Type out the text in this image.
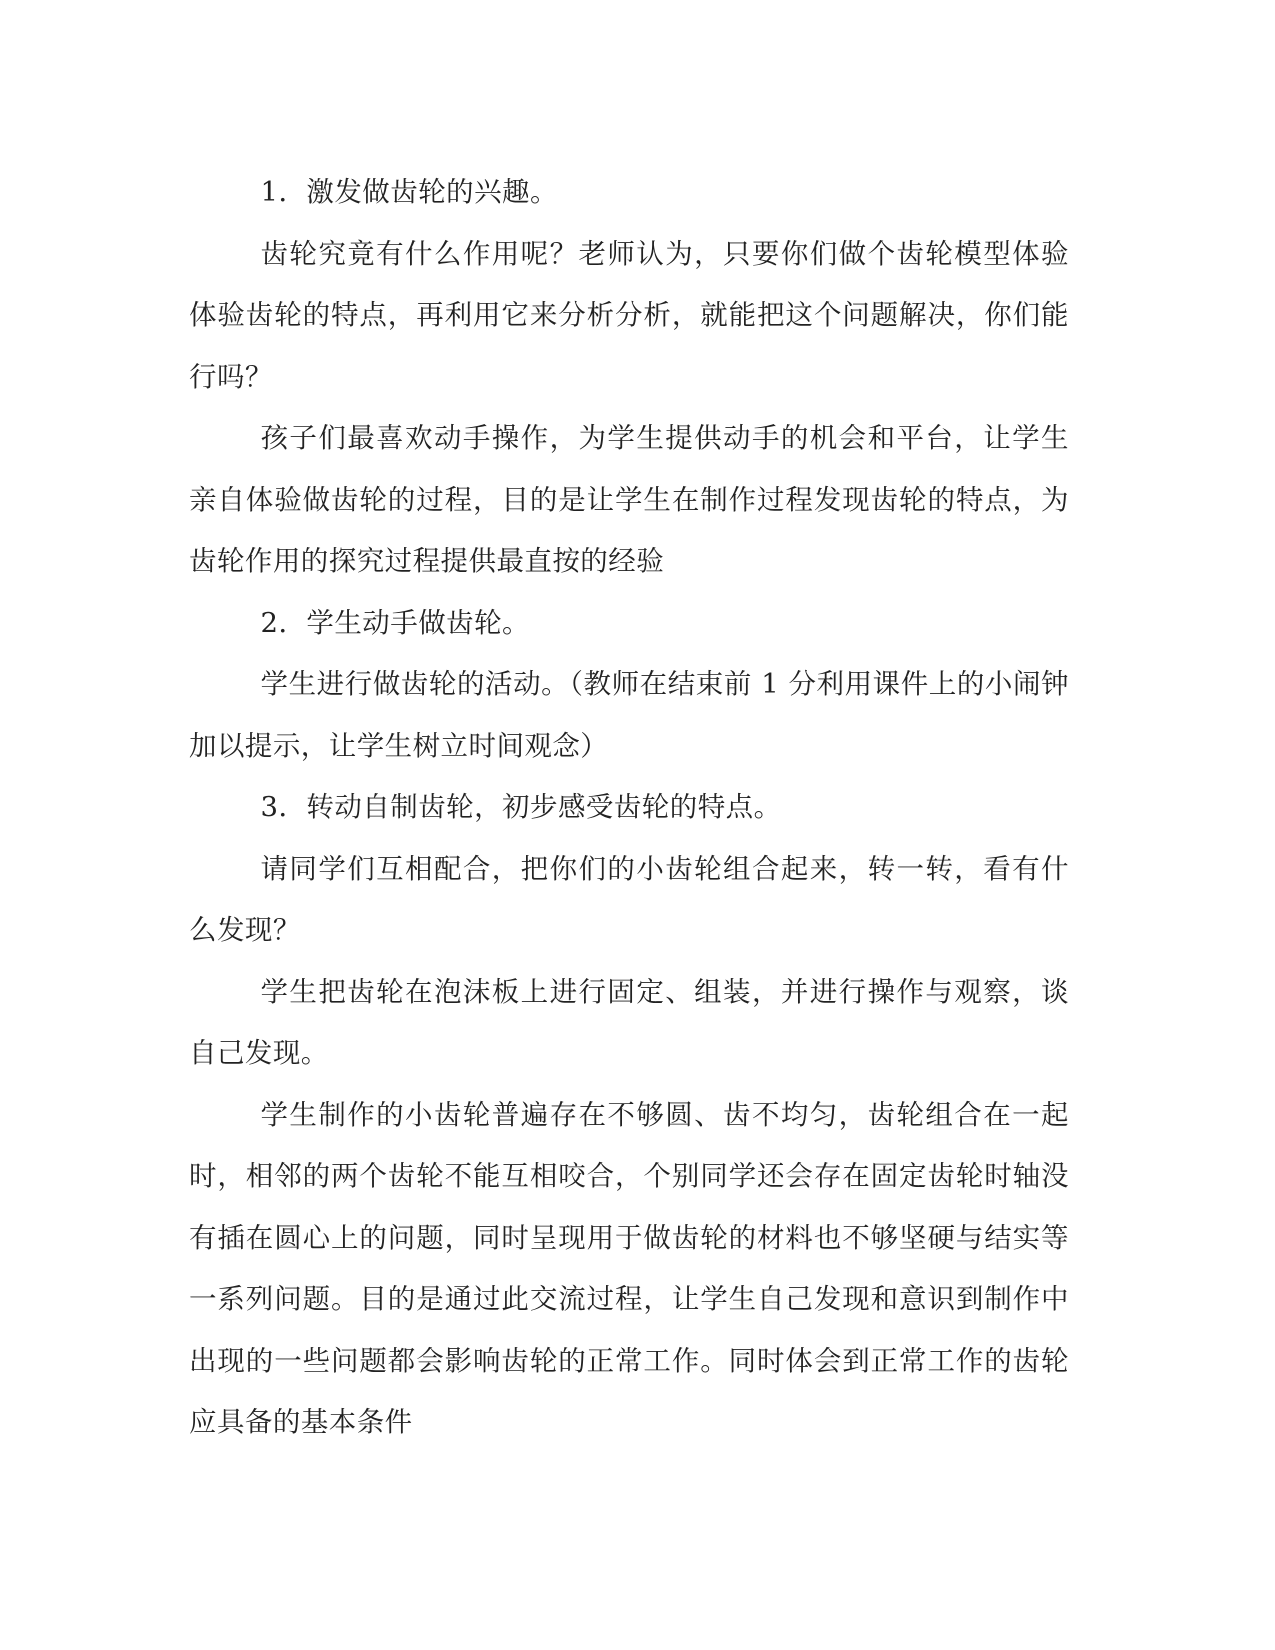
1．激发做齿轮的兴趣。

齿轮究竟有什么作用呢？老师认为，只要你们做个齿轮模型体验体验齿轮的特点，再利用它来分析分析，就能把这个问题解决，你们能行吗？

孩子们最喜欢动手操作，为学生提供动手的机会和平台，让学生亲自体验做齿轮的过程，目的是让学生在制作过程发现齿轮的特点，为齿轮作用的探究过程提供最直按的经验

2．学生动手做齿轮。

学生进行做齿轮的活动。（教师在结束前 1 分利用课件上的小闹钟加以提示，让学生树立时间观念）

3．转动自制齿轮，初步感受齿轮的特点。

请同学们互相配合，把你们的小齿轮组合起来，转一转，看有什么发现？

学生把齿轮在泡沫板上进行固定、组装，并进行操作与观察，谈自己发现。

学生制作的小齿轮普遍存在不够圆、齿不均匀，齿轮组合在一起时，相邻的两个齿轮不能互相咬合，个别同学还会存在固定齿轮时轴没有插在圆心上的问题，同时呈现用于做齿轮的材料也不够坚硬与结实等一系列问题。目的是通过此交流过程，让学生自己发现和意识到制作中出现的一些问题都会影响齿轮的正常工作。同时体会到正常工作的齿轮应具备的基本条件
